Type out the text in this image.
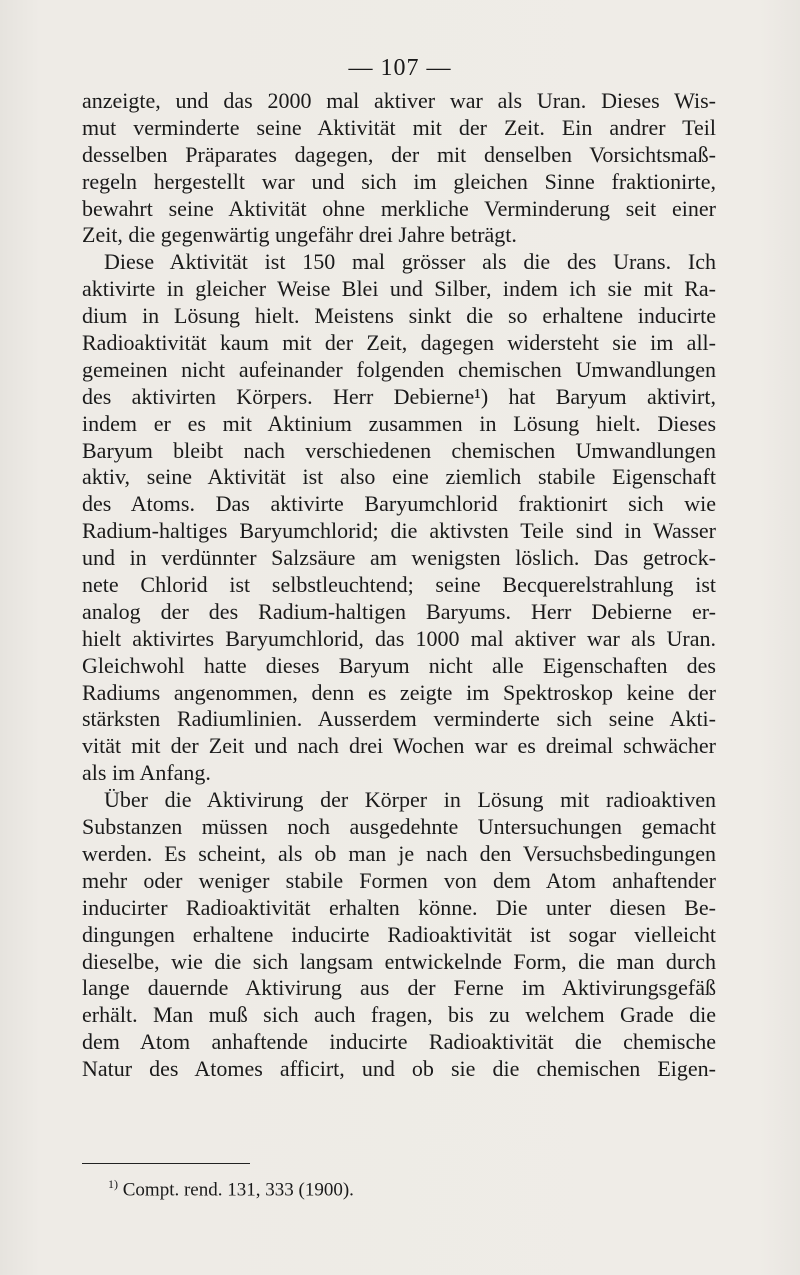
— 107 —
anzeigte, und das 2000 mal aktiver war als Uran. Dieses Wis-
mut verminderte seine Aktivität mit der Zeit. Ein andrer Teil
desselben Präparates dagegen, der mit denselben Vorsichtsmaß-
regeln hergestellt war und sich im gleichen Sinne fraktionirte,
bewahrt seine Aktivität ohne merkliche Verminderung seit einer
Zeit, die gegenwärtig ungefähr drei Jahre beträgt.
Diese Aktivität ist 150 mal grösser als die des Urans. Ich
aktivirte in gleicher Weise Blei und Silber, indem ich sie mit Ra-
dium in Lösung hielt. Meistens sinkt die so erhaltene inducirte
Radioaktivität kaum mit der Zeit, dagegen widersteht sie im all-
gemeinen nicht aufeinander folgenden chemischen Umwandlungen
des aktivirten Körpers. Herr Debierne¹) hat Baryum aktivirt,
indem er es mit Aktinium zusammen in Lösung hielt. Dieses
Baryum bleibt nach verschiedenen chemischen Umwandlungen
aktiv, seine Aktivität ist also eine ziemlich stabile Eigenschaft
des Atoms. Das aktivirte Baryumchlorid fraktionirt sich wie
Radium-haltiges Baryumchlorid; die aktivsten Teile sind in Wasser
und in verdünnter Salzsäure am wenigsten löslich. Das getrock-
nete Chlorid ist selbstleuchtend; seine Becquerelstrahlung ist
analog der des Radium-haltigen Baryums. Herr Debierne er-
hielt aktivirtes Baryumchlorid, das 1000 mal aktiver war als Uran.
Gleichwohl hatte dieses Baryum nicht alle Eigenschaften des
Radiums angenommen, denn es zeigte im Spektroskop keine der
stärksten Radiumlinien. Ausserdem verminderte sich seine Akti-
vität mit der Zeit und nach drei Wochen war es dreimal schwächer
als im Anfang.
Über die Aktivirung der Körper in Lösung mit radioaktiven
Substanzen müssen noch ausgedehnte Untersuchungen gemacht
werden. Es scheint, als ob man je nach den Versuchsbedingungen
mehr oder weniger stabile Formen von dem Atom anhaftender
inducirter Radioaktivität erhalten könne. Die unter diesen Be-
dingungen erhaltene inducirte Radioaktivität ist sogar vielleicht
dieselbe, wie die sich langsam entwickelnde Form, die man durch
lange dauernde Aktivirung aus der Ferne im Aktivirungsgefäß
erhält. Man muß sich auch fragen, bis zu welchem Grade die
dem Atom anhaftende inducirte Radioaktivität die chemische
Natur des Atomes afficirt, und ob sie die chemischen Eigen-
$^{1)}$ Compt. rend. 131, 333 (1900).
